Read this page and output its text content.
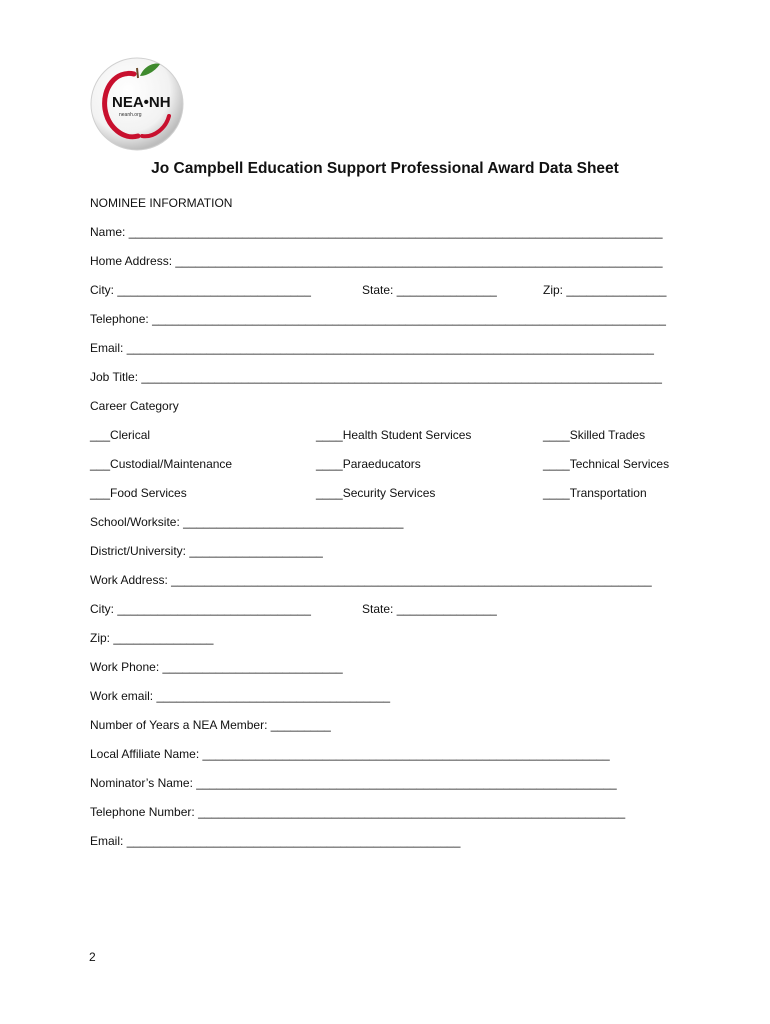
NEA•NH
neanh.org
Jo Campbell Education Support Professional Award Data Sheet
NOMINEE INFORMATION
Name: ________________________________________________________________________________
Home Address: _________________________________________________________________________
City: _____________________________	State: _______________	Zip: _______________
Telephone: _____________________________________________________________________________
Email: _______________________________________________________________________________
Job Title: ______________________________________________________________________________
Career Category
___Clerical	____Health Student Services	____Skilled Trades
___Custodial/Maintenance	____Paraeducators	____Technical Services
___Food Services	____Security Services	____Transportation
School/Worksite: _________________________________
District/University: ____________________
Work Address: ________________________________________________________________________
City: _____________________________	State: _______________
Zip: _______________
Work Phone: ___________________________
Work email: ___________________________________
Number of Years a NEA Member: _________
Local Affiliate Name: _____________________________________________________________
Nominator’s Name: _______________________________________________________________
Telephone Number: ________________________________________________________________
Email: __________________________________________________
2
